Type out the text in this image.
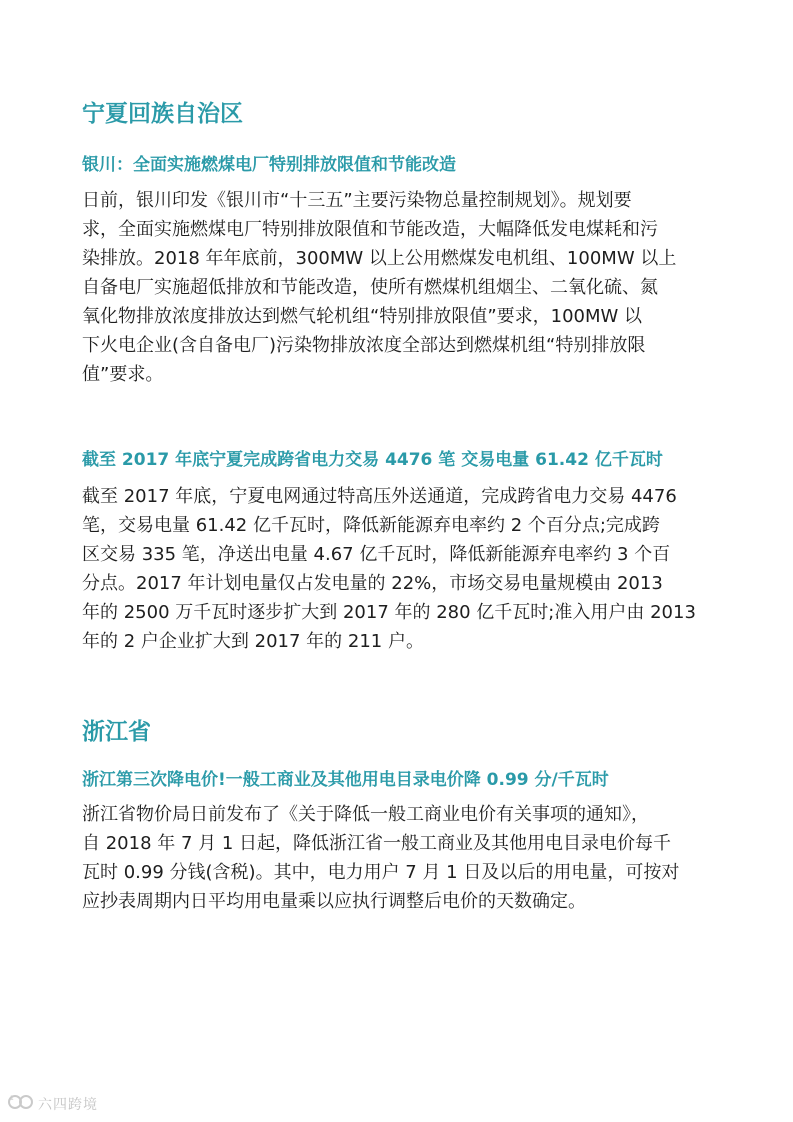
宁夏回族自治区
银川：全面实施燃煤电厂特别排放限值和节能改造
日前，银川印发《银川市“十三五”主要污染物总量控制规划》。规划要
求，全面实施燃煤电厂特别排放限值和节能改造，大幅降低发电煤耗和污
染排放。2018 年年底前，300MW 以上公用燃煤发电机组、100MW 以上
自备电厂实施超低排放和节能改造，使所有燃煤机组烟尘、二氧化硫、氮
氧化物排放浓度排放达到燃气轮机组“特别排放限值”要求，100MW 以
下火电企业(含自备电厂)污染物排放浓度全部达到燃煤机组“特别排放限
值”要求。
截至 2017 年底宁夏完成跨省电力交易 4476 笔 交易电量 61.42 亿千瓦时
截至 2017 年底，宁夏电网通过特高压外送通道，完成跨省电力交易 4476
笔，交易电量 61.42 亿千瓦时，降低新能源弃电率约 2 个百分点;完成跨
区交易 335 笔，净送出电量 4.67 亿千瓦时，降低新能源弃电率约 3 个百
分点。2017 年计划电量仅占发电量的 22%，市场交易电量规模由 2013
年的 2500 万千瓦时逐步扩大到 2017 年的 280 亿千瓦时;准入用户由 2013
年的 2 户企业扩大到 2017 年的 211 户。
浙江省
浙江第三次降电价!一般工商业及其他用电目录电价降 0.99 分/千瓦时
浙江省物价局日前发布了《关于降低一般工商业电价有关事项的通知》，
自 2018 年 7 月 1 日起，降低浙江省一般工商业及其他用电目录电价每千
瓦时 0.99 分钱(含税)。其中，电力用户 7 月 1 日及以后的用电量，可按对
应抄表周期内日平均用电量乘以应执行调整后电价的天数确定。
1 六四跨境
